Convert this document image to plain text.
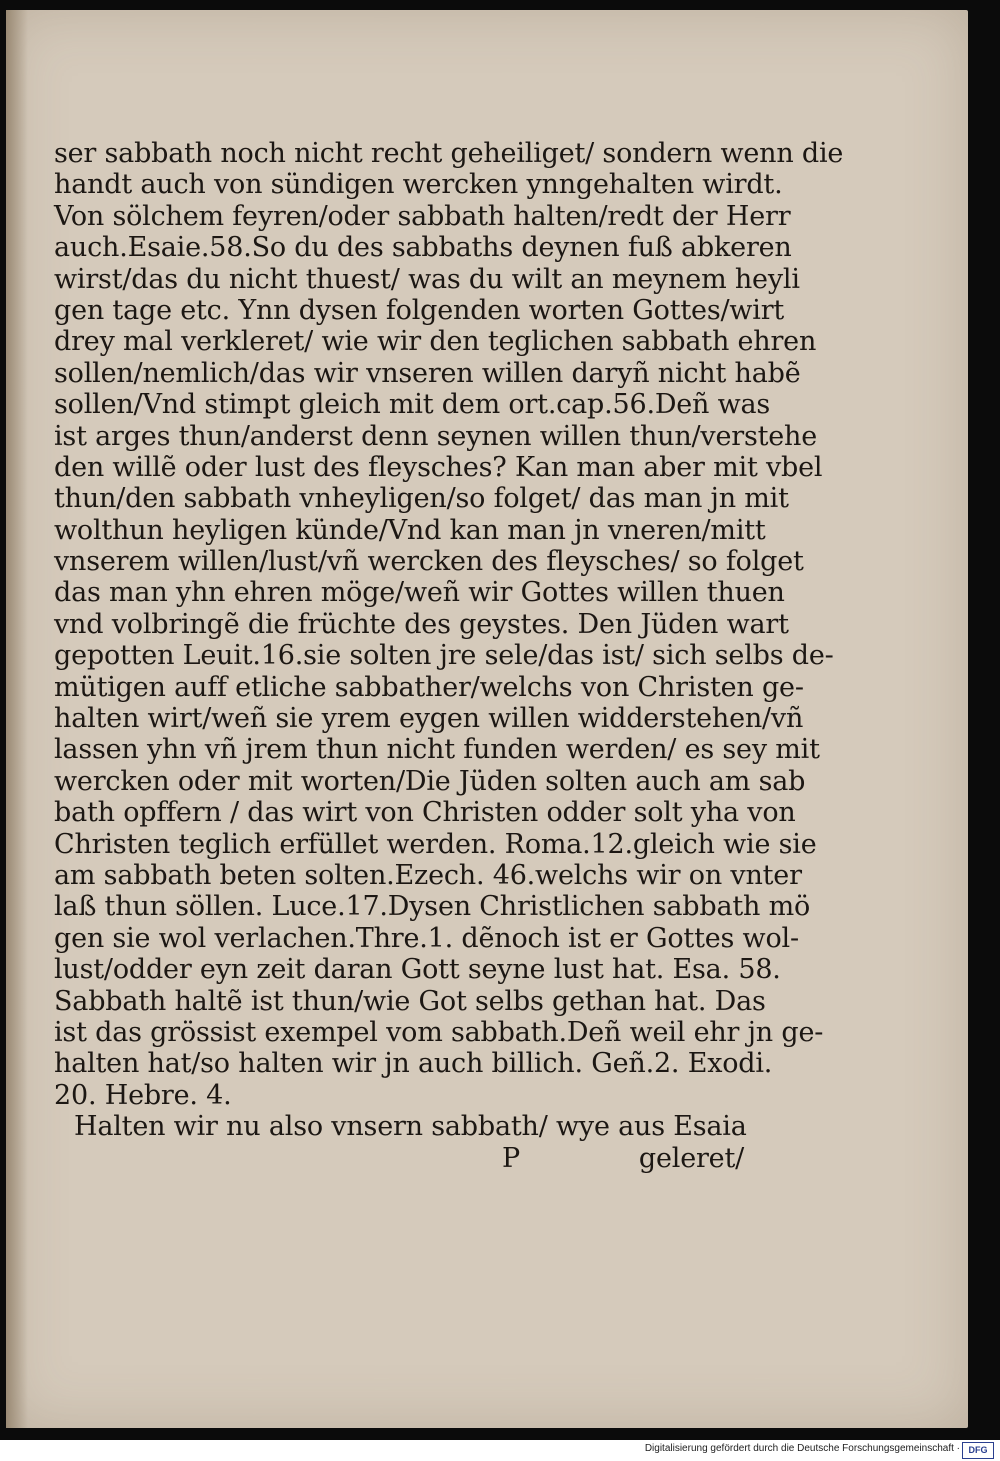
ser sabbath noch nicht recht geheiliget/ sondern wenn die
handt auch von sündigen wercken ynngehalten wirdt.
Von sölchem feyren/oder sabbath halten/redt der Herr
auch.Esaie.58.So du des sabbaths deynen fuß abkeren
wirst/das du nicht thuest/ was du wilt an meynem heyli
gen tage etc. Ynn dysen folgenden worten Gottes/wirt
drey mal verkleret/ wie wir den teglichen sabbath ehren
sollen/nemlich/das wir vnseren willen daryñ nicht habẽ
sollen/Vnd stimpt gleich mit dem ort.cap.56.Deñ was
ist arges thun/anderst denn seynen willen thun/verstehe
den willẽ oder lust des fleysches? Kan man aber mit vbel
thun/den sabbath vnheyligen/so folget/ das man jn mit
wolthun heyligen künde/Vnd kan man jn vneren/mitt
vnserem willen/lust/vñ wercken des fleysches/ so folget
das man yhn ehren möge/weñ wir Gottes willen thuen
vnd volbringẽ die früchte des geystes. Den Jüden wart
gepotten Leuit.16.sie solten jre sele/das ist/ sich selbs de-
mütigen auff etliche sabbather/welchs von Christen ge-
halten wirt/weñ sie yrem eygen willen widderstehen/vñ
lassen yhn vñ jrem thun nicht funden werden/ es sey mit
wercken oder mit worten/Die Jüden solten auch am sab
bath opffern / das wirt von Christen odder solt yha von
Christen teglich erfüllet werden. Roma.12.gleich wie sie
am sabbath beten solten.Ezech. 46.welchs wir on vnter
laß thun söllen. Luce.17.Dysen Christlichen sabbath mö
gen sie wol verlachen.Thre.1. dẽnoch ist er Gottes wol-
lust/odder eyn zeit daran Gott seyne lust hat. Esa. 58.
Sabbath haltẽ ist thun/wie Got selbs gethan hat. Das
ist das grössist exempel vom sabbath.Deñ weil ehr jn ge-
halten hat/so halten wir jn auch billich. Geñ.2. Exodi.
20. Hebre. 4.
Halten wir nu also vnsern sabbath/ wye aus Esaia
P	geleret/
Digitalisierung gefördert durch die Deutsche Forschungsgemeinschaft · DFG
